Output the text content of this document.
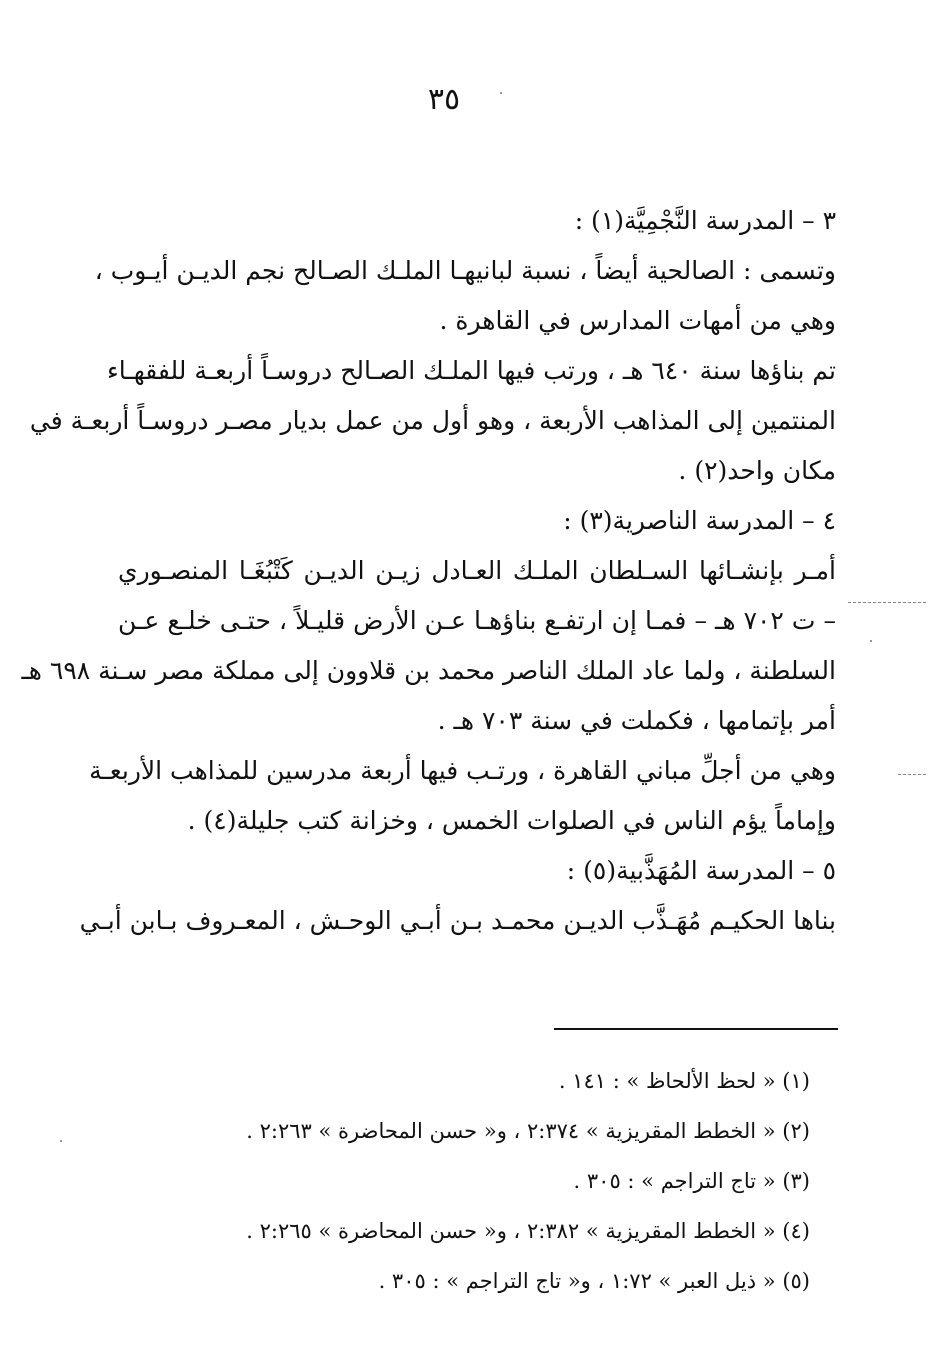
٣٥
٣ – المدرسة النَّجْمِيَّة(١) :
وتسمى : الصالحية أيضاً ، نسبة لبانيهـا الملـك الصـالح نجم الديـن أيـوب ،
وهي من أمهات المدارس في القاهرة .
تم بناؤها سنة ٦٤٠ هـ ، ورتب فيها الملـك الصـالح دروسـاً أربعـة للفقهـاء
المنتمين إلى المذاهب الأربعة ، وهو أول من عمل بديار مصـر دروسـاً أربعـة في
مكان واحد(٢) .
٤ – المدرسة الناصرية(٣) :
أمـر بإنشـائها السـلطان الملـك العـادل زيـن الديـن كَتْبُغَـا المنصـوري
– ت ٧٠٢ هـ – فمـا إن ارتفـع بناؤهـا عـن الأرض قليـلاً ، حتـى خلـع عـن
السلطنة ، ولما عاد الملك الناصر محمد بن قلاوون إلى مملكة مصر سـنة ٦٩٨ هـ
أمر بإتمامها ، فكملت في سنة ٧٠٣ هـ .
وهي من أجلِّ مباني القاهرة ، ورتـب فيها أربعة مدرسين للمذاهب الأربعـة
وإماماً يؤم الناس في الصلوات الخمس ، وخزانة كتب جليلة(٤) .
٥ – المدرسة المُهَذَّبية(٥) :
بناها الحكيـم مُهَـذَّب الديـن محمـد بـن أبـي الوحـش ، المعـروف بـابن أبـي
(١) « لحظ الألحاظ » : ١٤١ .
(٢) « الخطط المقريزية » ٢:٣٧٤ ، و« حسن المحاضرة » ٢:٢٦٣ .
(٣) « تاج التراجم » : ٣٠٥ .
(٤) « الخطط المقريزية » ٢:٣٨٢ ، و« حسن المحاضرة » ٢:٢٦٥ .
(٥) « ذيل العبر » ١:٧٢ ، و« تاج التراجم » : ٣٠٥ .
